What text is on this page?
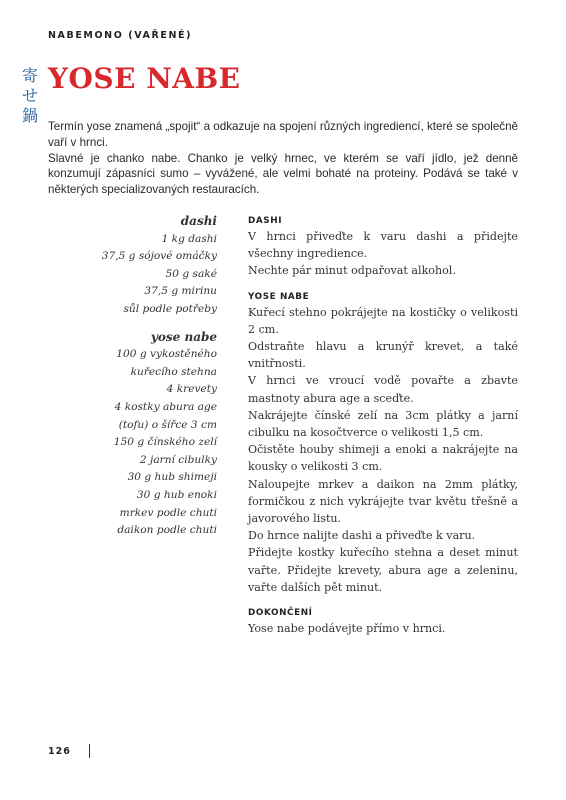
NABEMONO (VAŘENÉ)
寄
せ
鍋
YOSE NABE

Termín yose znamená „spojit“ a odkazuje na spojení různých ingrediencí, které se společně vaří v hrnci.

Slavné je chanko nabe. Chanko je velký hrnec, ve kterém se vaří jídlo, jež denně konzumují zápasníci sumo – vyvážené, ale velmi bohaté na proteiny. Podává se také v některých specializovaných restauracích.

dashi
1 kg dashi
37,5 g sójové omáčky
50 g saké
37,5 g mirinu
sůl podle potřeby
yose nabe
100 g vykostěného
kuřecího stehna
4 krevety
4 kostky abura age
(tofu) o šířce 3 cm
150 g čínského zelí
2 jarní cibulky
30 g hub shimeji
30 g hub enoki
mrkev podle chuti
daikon podle chuti
DASHI
V hrnci přiveďte k varu dashi a přidejte všechny ingredience.
Nechte pár minut odpařovat alkohol.
YOSE NABE
Kuřecí stehno pokrájejte na kostičky o velikosti 2 cm.
Odstraňte hlavu a krunýř krevet, a také vnitřnosti.
V hrnci ve vroucí vodě povařte a zbavte mastnoty abura age a sceďte.
Nakrájejte čínské zelí na 3cm plátky a jarní cibulku na kosočtverce o velikosti 1,5 cm.
Očistěte houby shimeji a enoki a nakrájejte na kousky o velikosti 3 cm.
Naloupejte mrkev a daikon na 2mm plátky, formičkou z nich vykrájejte tvar květu třešně a javorového listu.
Do hrnce nalijte dashi a přiveďte k varu.
Přidejte kostky kuřecího stehna a deset minut vařte. Přidejte krevety, abura age a zeleninu, vařte dalších pět minut.
DOKONČENÍ
Yose nabe podávejte přímo v hrnci.
126
